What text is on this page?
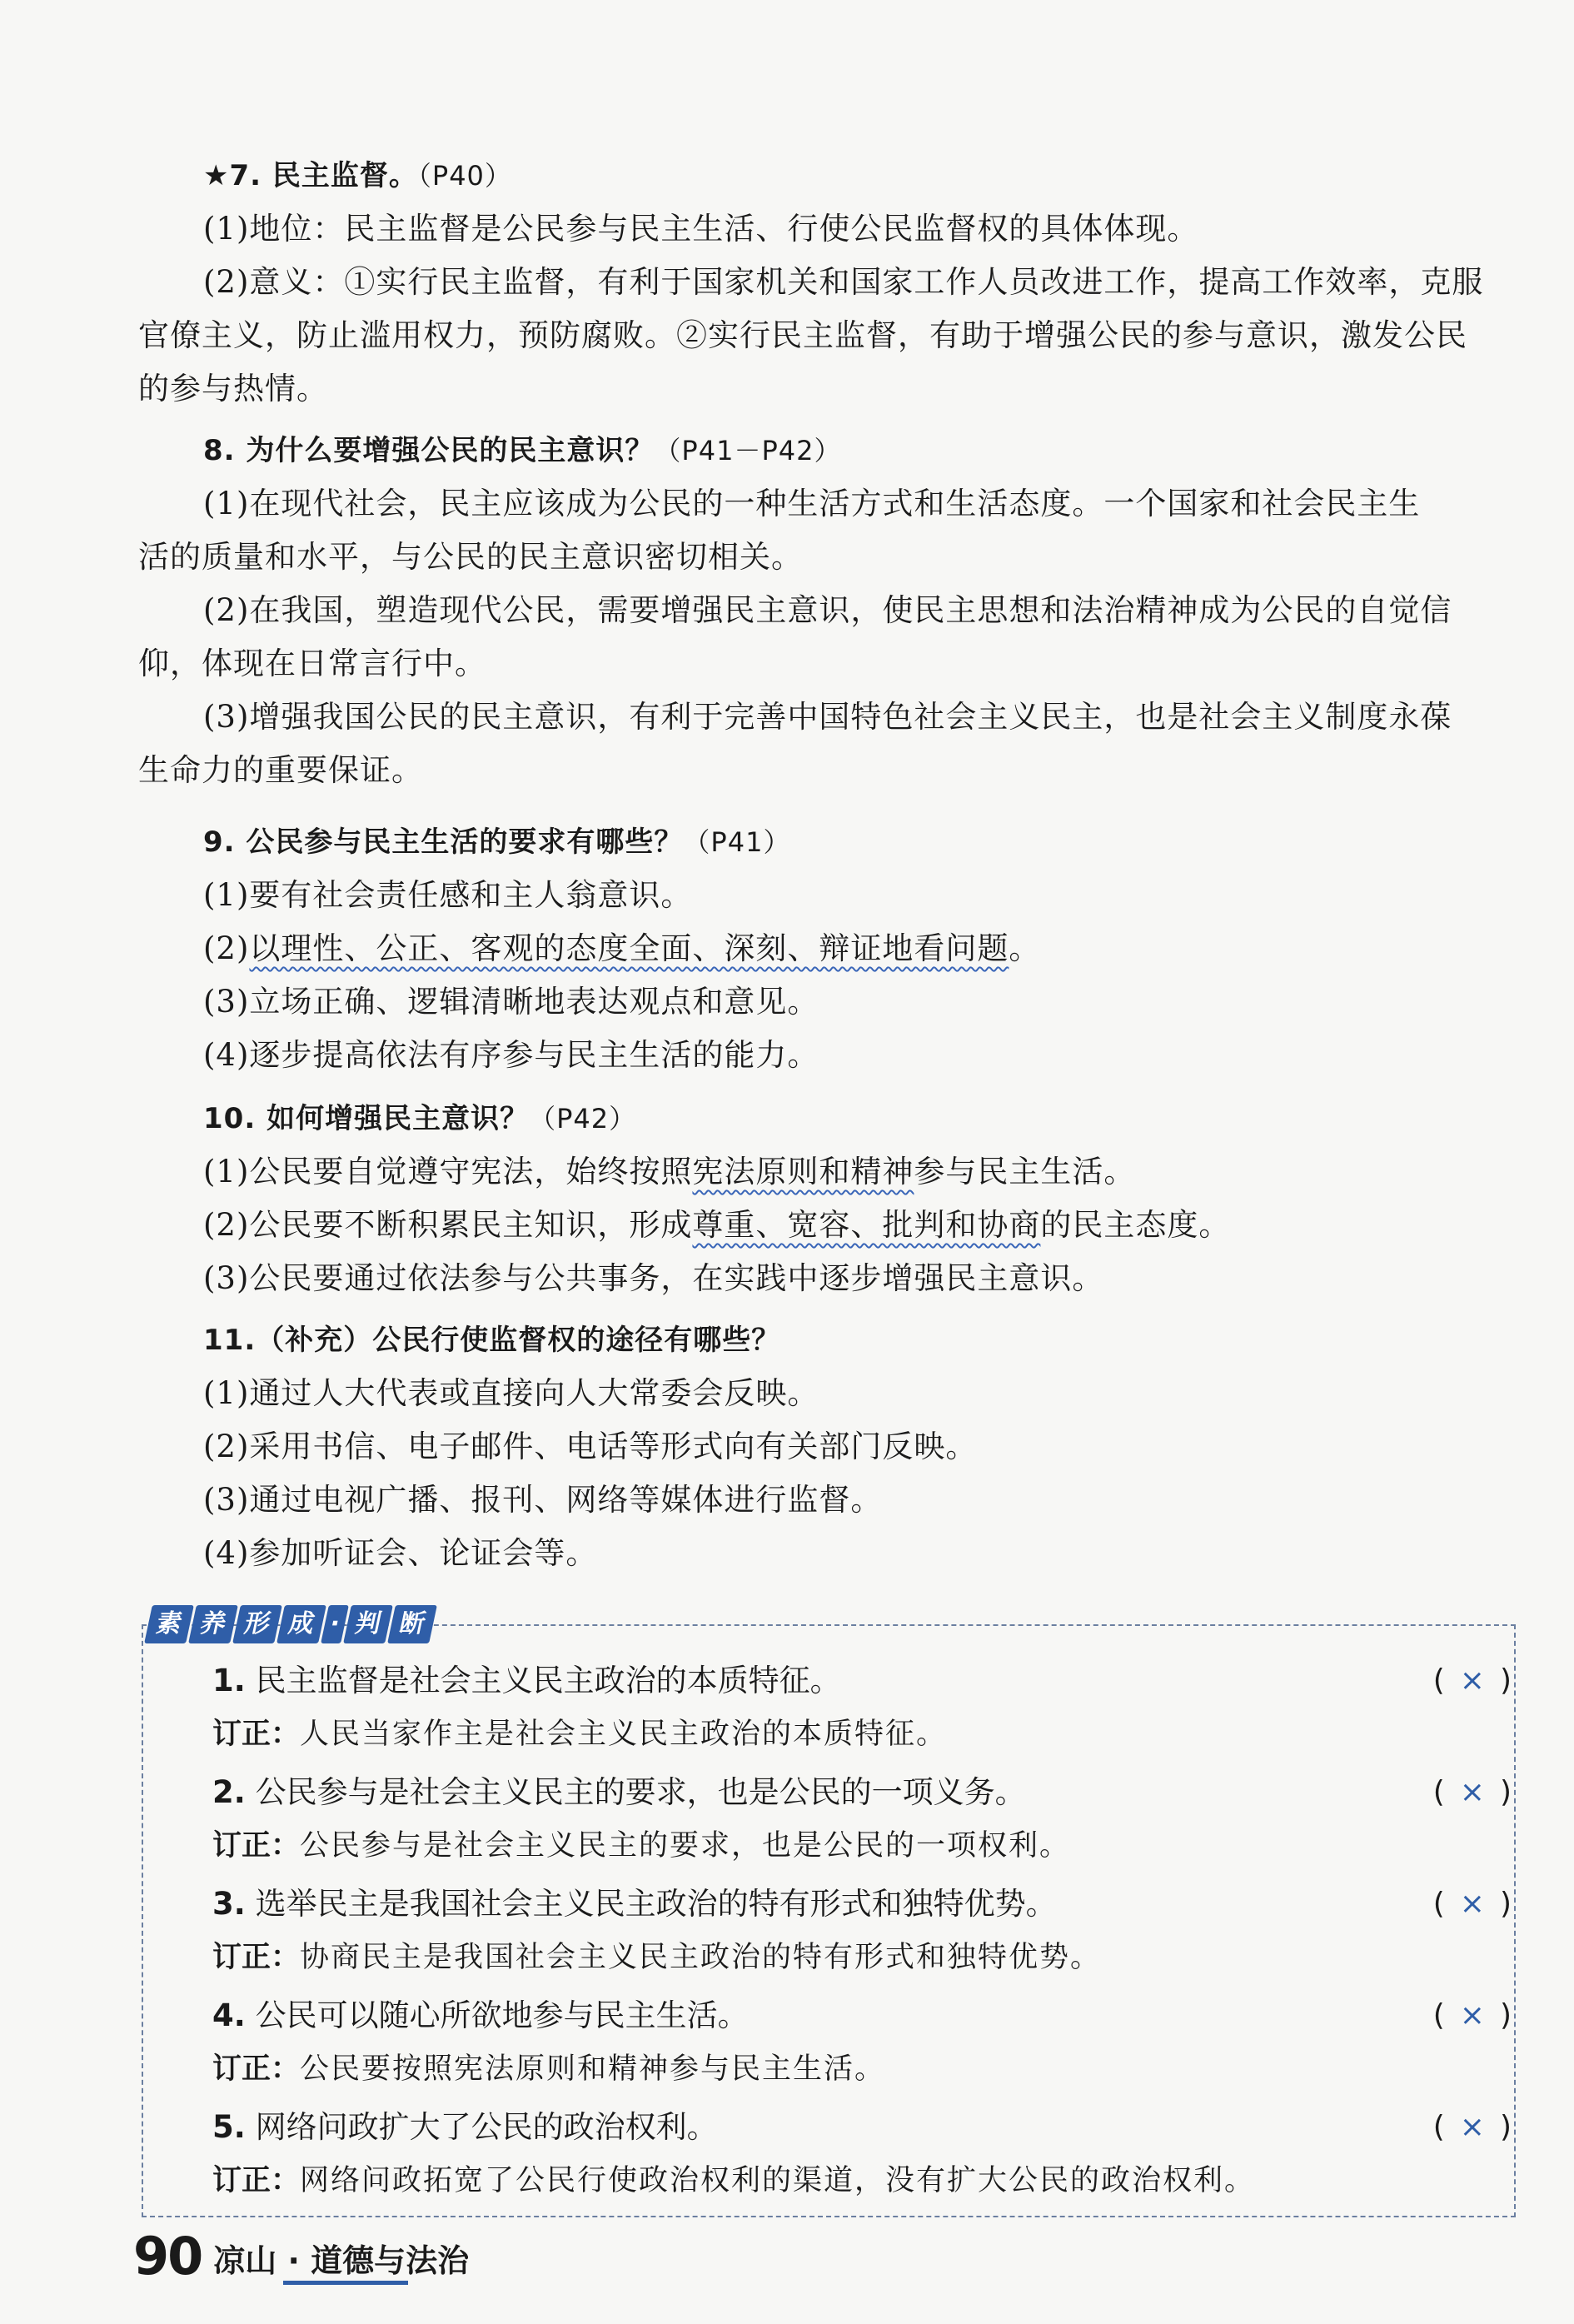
★7. 民主监督。（P40）
(1)地位：民主监督是公民参与民主生活、行使公民监督权的具体体现。
(2)意义：①实行民主监督，有利于国家机关和国家工作人员改进工作，提高工作效率，克服
官僚主义，防止滥用权力，预防腐败。②实行民主监督，有助于增强公民的参与意识，激发公民
的参与热情。
8. 为什么要增强公民的民主意识？（P41－P42）
(1)在现代社会，民主应该成为公民的一种生活方式和生活态度。一个国家和社会民主生
活的质量和水平，与公民的民主意识密切相关。
(2)在我国，塑造现代公民，需要增强民主意识，使民主思想和法治精神成为公民的自觉信
仰，体现在日常言行中。
(3)增强我国公民的民主意识，有利于完善中国特色社会主义民主，也是社会主义制度永葆
生命力的重要保证。
9. 公民参与民主生活的要求有哪些？（P41）
(1)要有社会责任感和主人翁意识。
(2)以理性、公正、客观的态度全面、深刻、辩证地看问题。
(3)立场正确、逻辑清晰地表达观点和意见。
(4)逐步提高依法有序参与民主生活的能力。
10. 如何增强民主意识？（P42）
(1)公民要自觉遵守宪法，始终按照宪法原则和精神参与民主生活。
(2)公民要不断积累民主知识，形成尊重、宽容、批判和协商的民主态度。
(3)公民要通过依法参与公共事务，在实践中逐步增强民主意识。
11.（补充）公民行使监督权的途径有哪些？
(1)通过人大代表或直接向人大常委会反映。
(2)采用书信、电子邮件、电话等形式向有关部门反映。
(3)通过电视广播、报刊、网络等媒体进行监督。
(4)参加听证会、论证会等。
素 养 形 成 · 判 断
1. 民主监督是社会主义民主政治的本质特征。	( × )
订正：人民当家作主是社会主义民主政治的本质特征。
2. 公民参与是社会主义民主的要求，也是公民的一项义务。	( × )
订正：公民参与是社会主义民主的要求，也是公民的一项权利。
3. 选举民主是我国社会主义民主政治的特有形式和独特优势。	( × )
订正：协商民主是我国社会主义民主政治的特有形式和独特优势。
4. 公民可以随心所欲地参与民主生活。	( × )
订正：公民要按照宪法原则和精神参与民主生活。
5. 网络问政扩大了公民的政治权利。	( × )
订正：网络问政拓宽了公民行使政治权利的渠道，没有扩大公民的政治权利。
90 凉山 · 道德与法治
